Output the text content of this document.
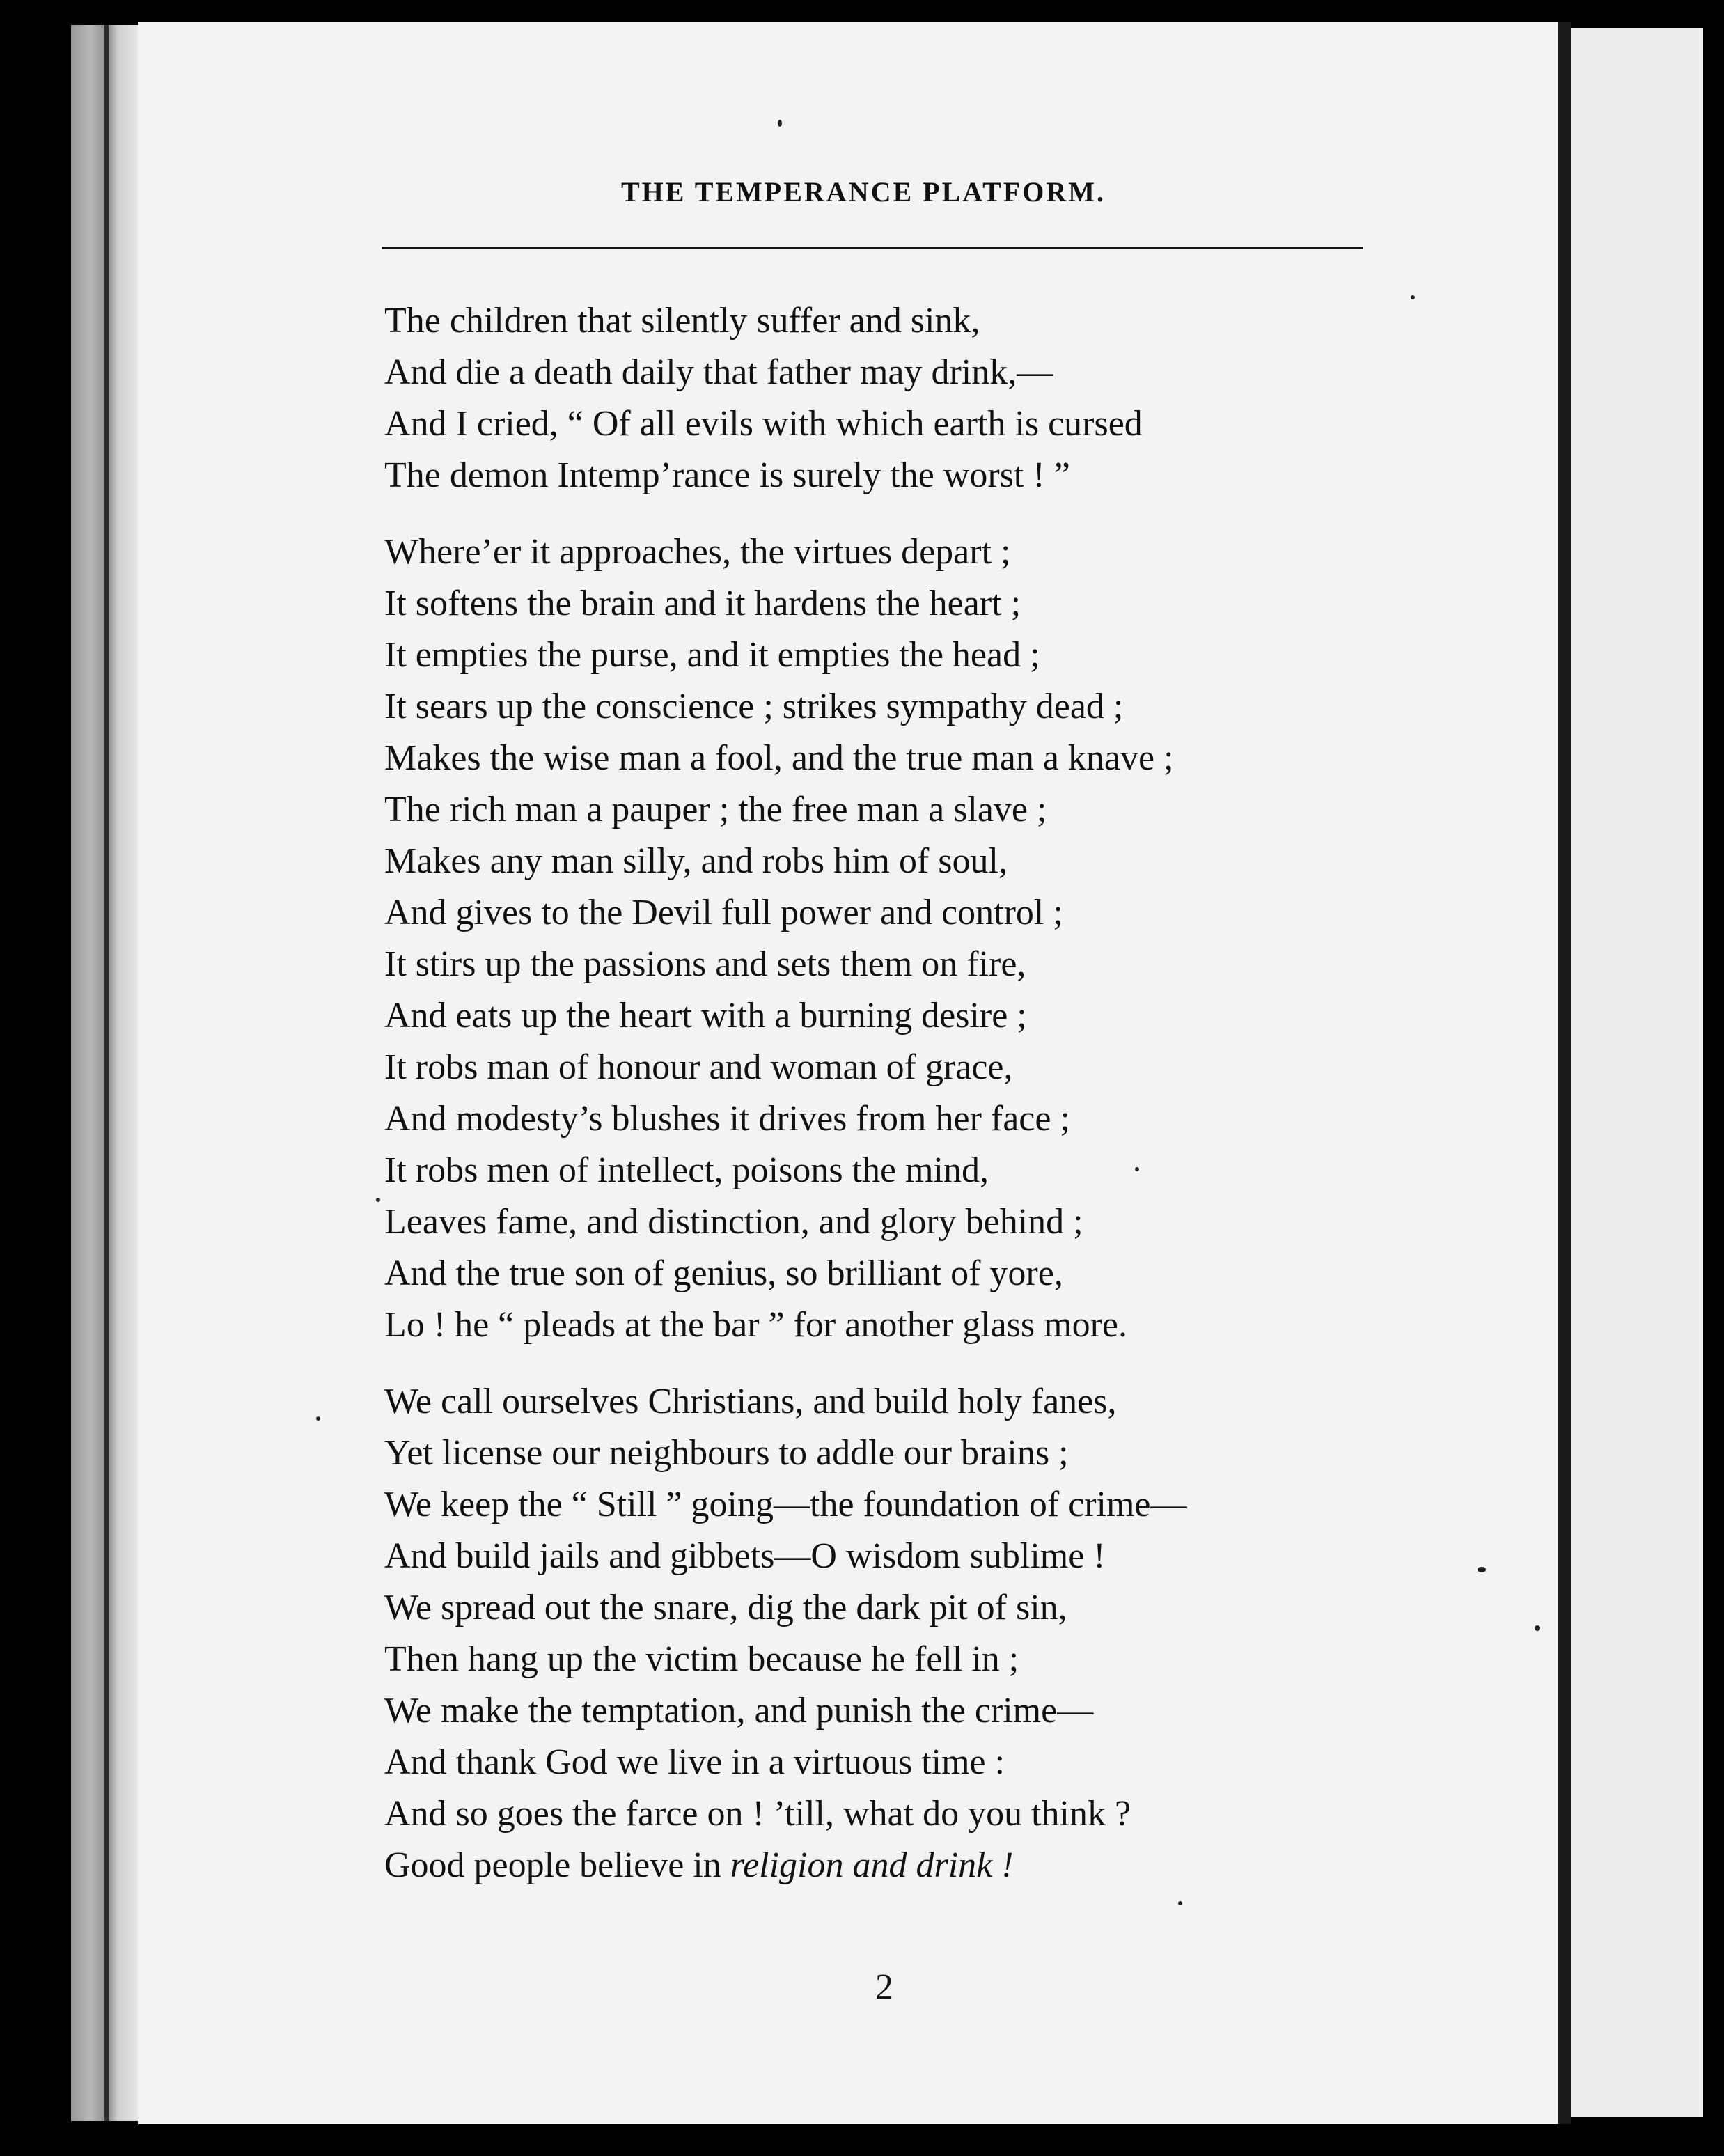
THE TEMPERANCE PLATFORM.
The children that silently suffer and sink,
And die a death daily that father may drink,—
And I cried, “ Of all evils with which earth is cursed
The demon Intemp’rance is surely the worst ! ”
Where’er it approaches, the virtues depart ;
It softens the brain and it hardens the heart ;
It empties the purse, and it empties the head ;
It sears up the conscience ; strikes sympathy dead ;
Makes the wise man a fool, and the true man a knave ;
The rich man a pauper ; the free man a slave ;
Makes any man silly, and robs him of soul,
And gives to the Devil full power and control ;
It stirs up the passions and sets them on fire,
And eats up the heart with a burning desire ;
It robs man of honour and woman of grace,
And modesty’s blushes it drives from her face ;
It robs men of intellect, poisons the mind,
Leaves fame, and distinction, and glory behind ;
And the true son of genius, so brilliant of yore,
Lo ! he “ pleads at the bar ” for another glass more.
We call ourselves Christians, and build holy fanes,
Yet license our neighbours to addle our brains ;
We keep the “ Still ” going—the foundation of crime—
And build jails and gibbets—O wisdom sublime !
We spread out the snare, dig the dark pit of sin,
Then hang up the victim because he fell in ;
We make the temptation, and punish the crime—
And thank God we live in a virtuous time :
And so goes the farce on ! ’till, what do you think ?
Good people believe in religion and drink !
2
